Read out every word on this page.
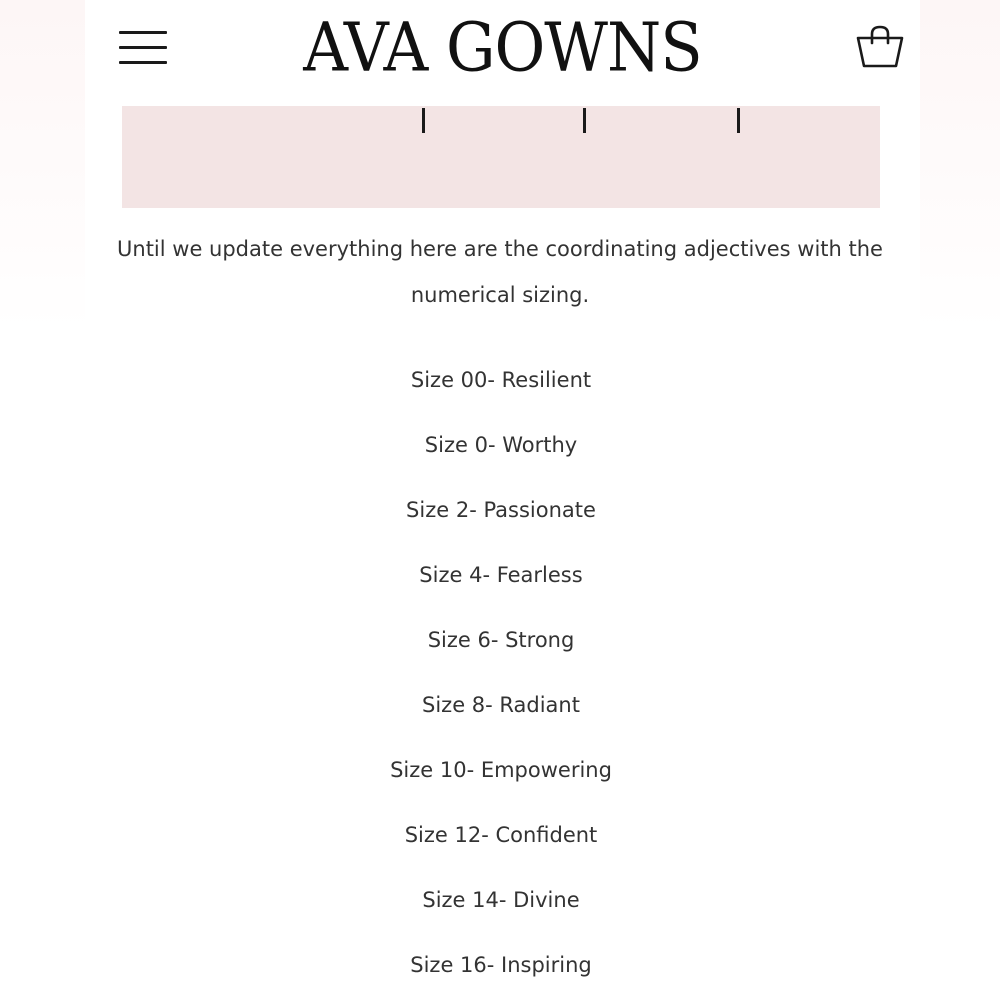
AVA GOWNS
Until we update everything here are the coordinating adjectives with the
numerical sizing.
Size 00- Resilient
Size 0- Worthy
Size 2- Passionate
Size 4- Fearless
Size 6- Strong
Size 8- Radiant
Size 10- Empowering
Size 12- Confident
Size 14- Divine
Size 16- Inspiring
